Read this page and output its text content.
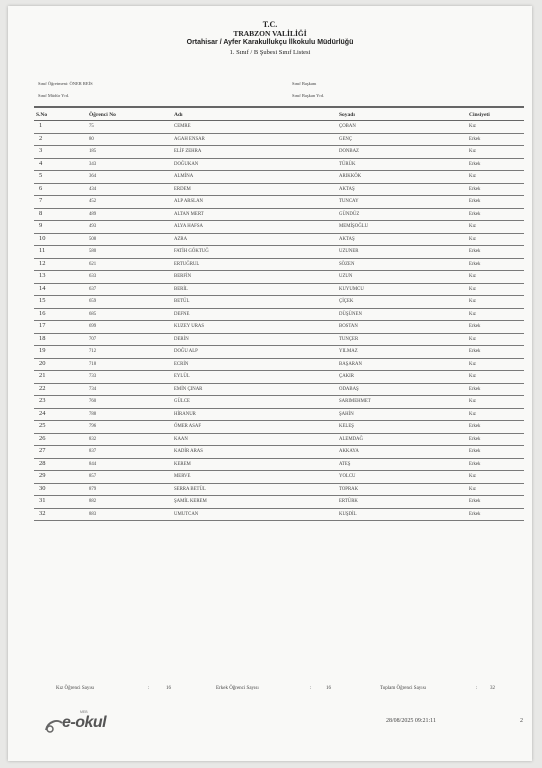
T.C.
TRABZON VALİLİĞİ
Ortahisar / Ayfer Karakullukçu İlkokulu Müdürlüğü
1. Sınıf / B Şubesi Sınıf Listesi
Sınıf Öğretmeni: ÖNER REİS	Sınıf Başkanı
Sınıf Müdür Yrd.	Sınıf Başkan Yrd.
S.No	Öğrenci No	Adı	Soyadı	Cinsiyeti
1	75	CEMRE	ÇOBAN	Kız
2	80	AGAH ENSAR	GENÇ	Erkek
3	185	ELİF ZEHRA	DONBAZ	Kız
4	343	DOĞUKAN	TÜRÜK	Erkek
5	364	ALMİNA	ARIKKÖK	Kız
6	434	ERDEM	AKTAŞ	Erkek
7	452	ALP ARSLAN	TUNCAY	Erkek
8	489	ALTAN MERT	GÜNDÜZ	Erkek
9	493	ALYA HAFSA	MEMİŞOĞLU	Kız
10	508	AZRA	AKTAŞ	Kız
11	580	FATİH GÖKTUĞ	UZUNER	Erkek
12	621	ERTUĞRUL	SÖZEN	Erkek
13	633	BERFİN	UZUN	Kız
14	637	BERİL	KUYUMCU	Kız
15	659	BETÜL	ÇİÇEK	Kız
16	685	DEFNE	DÜŞÜNEN	Kız
17	699	KUZEY URAS	BOSTAN	Erkek
18	707	DERİN	TUNÇER	Kız
19	712	DOĞU ALP	YILMAZ	Erkek
20	718	ECRİN	BAŞARAN	Kız
21	733	EYLÜL	ÇAKIR	Kız
22	734	EMİN ÇINAR	ODABAŞ	Erkek
23	760	GÜLCE	SARIMEHMET	Kız
24	788	HİRANUR	ŞAHİN	Kız
25	796	ÖMER ASAF	KELEŞ	Erkek
26	832	KAAN	ALEMDAĞ	Erkek
27	837	KADİR ARAS	AKKAYA	Erkek
28	844	KEREM	ATEŞ	Erkek
29	857	MERVE	YOLCU	Kız
30	879	SERRA BETÜL	TOPRAK	Kız
31	882	ŞAMİL KEREM	ERTÜRK	Erkek
32	883	UMUTCAN	KUŞDİL	Erkek
Kız Öğrenci Sayısı	:	16	Erkek Öğrenci Sayısı	:	16	Toplam Öğrenci Sayısı	:	32
MEB
e-okul	28/08/2025 09:21:11	2
